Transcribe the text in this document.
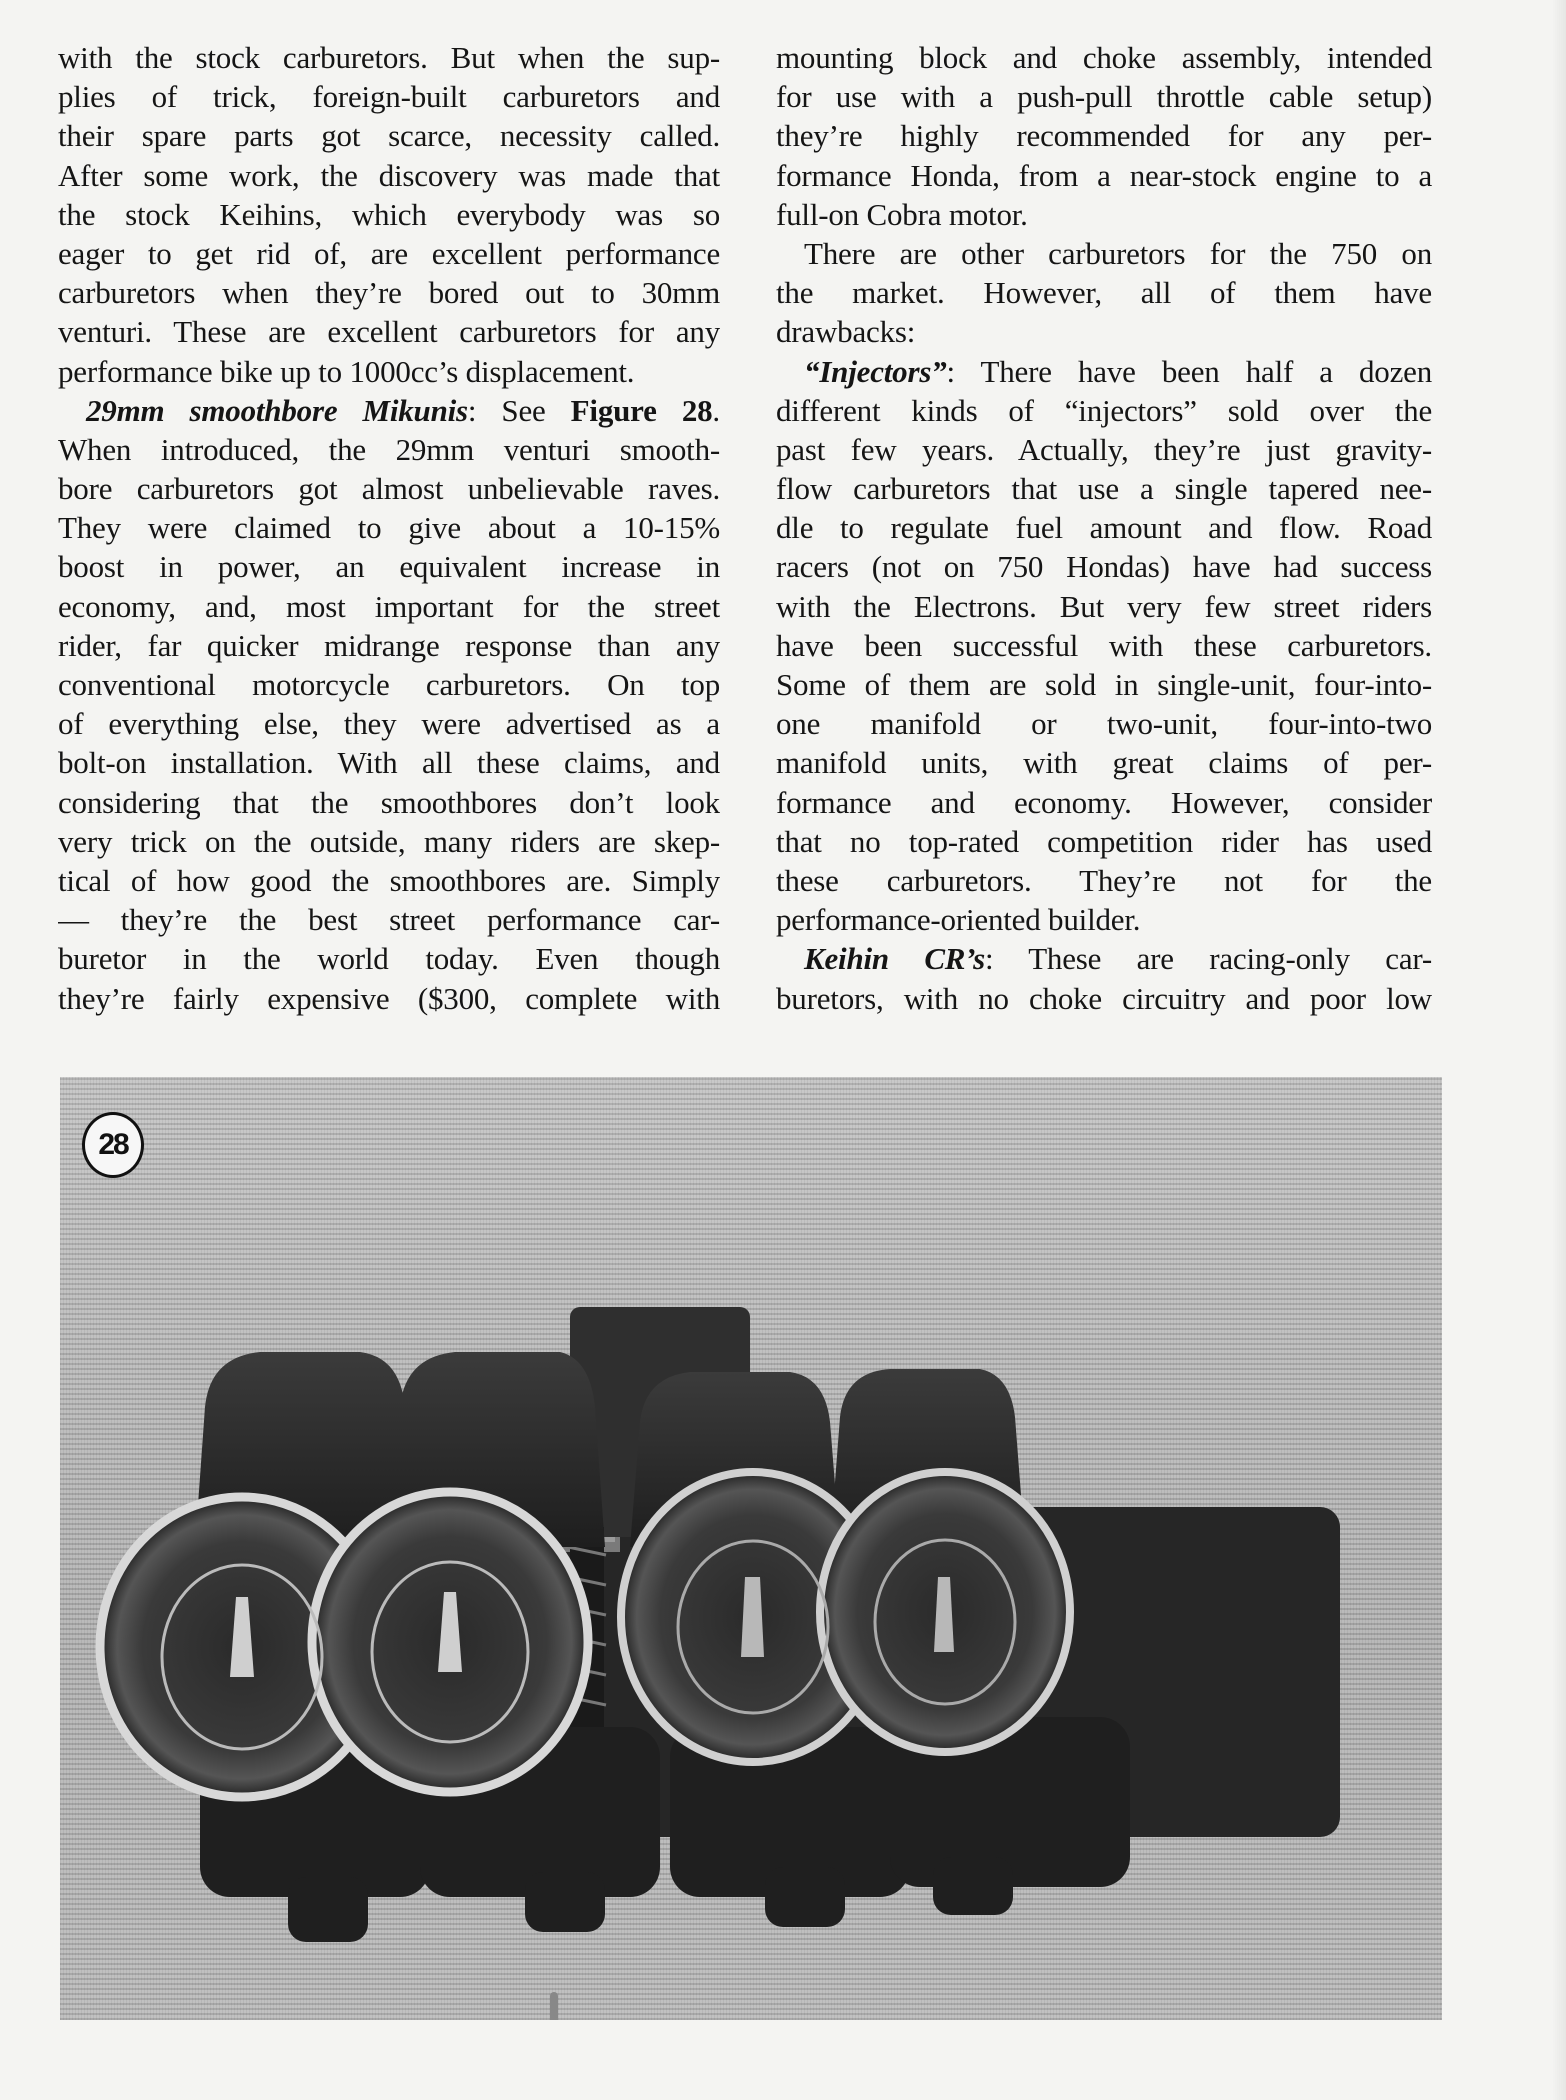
with the stock carburetors. But when the sup-
plies of trick, foreign-built carburetors and
their spare parts got scarce, necessity called.
After some work, the discovery was made that
the stock Keihins, which everybody was so
eager to get rid of, are excellent performance
carburetors when they’re bored out to 30mm
venturi. These are excellent carburetors for any
performance bike up to 1000cc’s displacement.
29mm smoothbore Mikunis: See Figure 28.
When introduced, the 29mm venturi smooth-
bore carburetors got almost unbelievable raves.
They were claimed to give about a 10-15%
boost in power, an equivalent increase in
economy, and, most important for the street
rider, far quicker midrange response than any
conventional motorcycle carburetors. On top
of everything else, they were advertised as a
bolt-on installation. With all these claims, and
considering that the smoothbores don’t look
very trick on the outside, many riders are skep-
tical of how good the smoothbores are. Simply
— they’re the best street performance car-
buretor in the world today. Even though
they’re fairly expensive ($300, complete with
mounting block and choke assembly, intended
for use with a push-pull throttle cable setup)
they’re highly recommended for any per-
formance Honda, from a near-stock engine to a
full-on Cobra motor.
There are other carburetors for the 750 on
the market. However, all of them have
drawbacks:
“Injectors”: There have been half a dozen
different kinds of “injectors” sold over the
past few years. Actually, they’re just gravity-
flow carburetors that use a single tapered nee-
dle to regulate fuel amount and flow. Road
racers (not on 750 Hondas) have had success
with the Electrons. But very few street riders
have been successful with these carburetors.
Some of them are sold in single-unit, four-into-
one manifold or two-unit, four-into-two
manifold units, with great claims of per-
formance and economy. However, consider
that no top-rated competition rider has used
these carburetors. They’re not for the
performance-oriented builder.
Keihin CR’s: These are racing-only car-
buretors, with no choke circuitry and poor low
28
